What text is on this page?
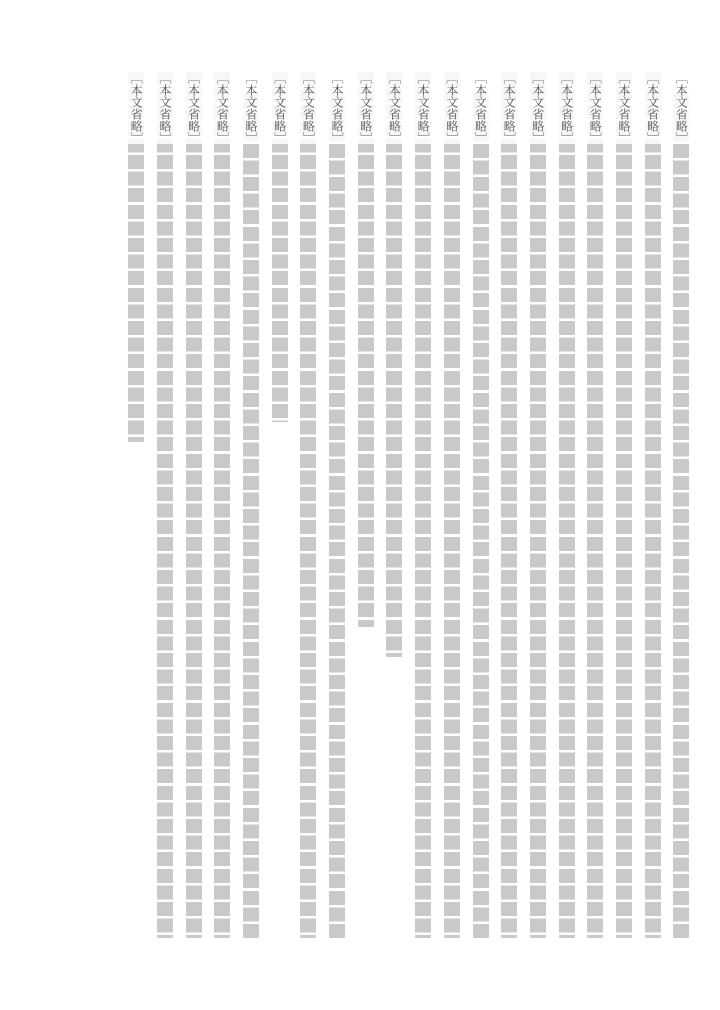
［本文省略］
［本文省略］
［本文省略］
［本文省略］
［本文省略］
［本文省略］
［本文省略］
［本文省略］
［本文省略］
［本文省略］
［本文省略］
［本文省略］
［本文省略］
［本文省略］
［本文省略］
［本文省略］
［本文省略］
［本文省略］
［本文省略］
［本文省略］
